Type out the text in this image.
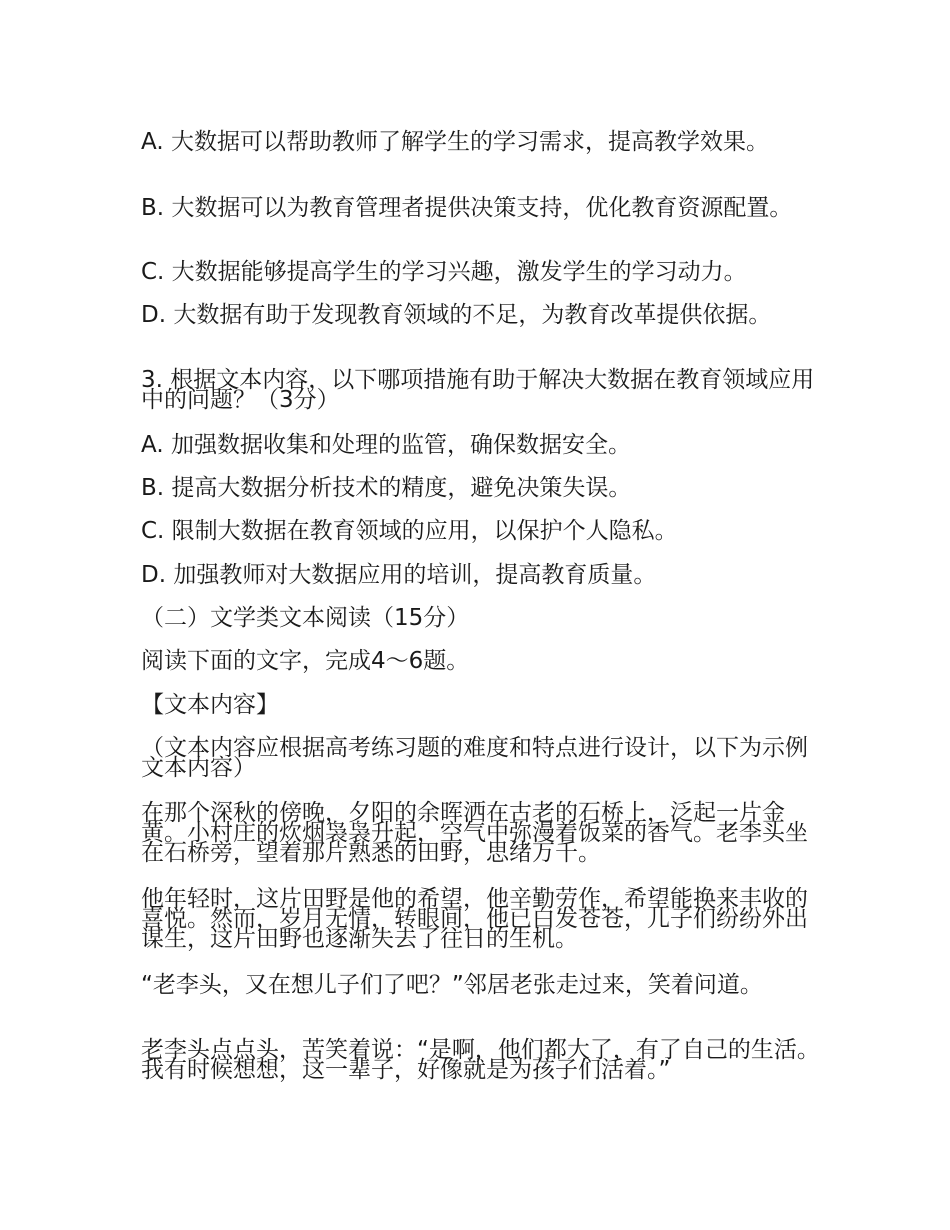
A. 大数据可以帮助教师了解学生的学习需求，提高教学效果。

B. 大数据可以为教育管理者提供决策支持，优化教育资源配置。

C. 大数据能够提高学生的学习兴趣，激发学生的学习动力。

D. 大数据有助于发现教育领域的不足，为教育改革提供依据。

3. 根据文本内容，以下哪项措施有助于解决大数据在教育领域应用中的问题？（3分）

A. 加强数据收集和处理的监管，确保数据安全。

B. 提高大数据分析技术的精度，避免决策失误。

C. 限制大数据在教育领域的应用，以保护个人隐私。

D. 加强教师对大数据应用的培训，提高教育质量。

（二）文学类文本阅读（15分）

阅读下面的文字，完成4～6题。

【文本内容】

（文本内容应根据高考练习题的难度和特点进行设计，以下为示例文本内容）

在那个深秋的傍晚，夕阳的余晖洒在古老的石桥上，泛起一片金黄。小村庄的炊烟袅袅升起，空气中弥漫着饭菜的香气。老李头坐在石桥旁，望着那片熟悉的田野，思绪万千。

他年轻时，这片田野是他的希望，他辛勤劳作，希望能换来丰收的喜悦。然而，岁月无情，转眼间，他已白发苍苍，儿子们纷纷外出谋生，这片田野也逐渐失去了往日的生机。

“老李头，又在想儿子们了吧？”邻居老张走过来，笑着问道。

老李头点点头，苦笑着说：“是啊，他们都大了，有了自己的生活。我有时候想想，这一辈子，好像就是为孩子们活着。”
